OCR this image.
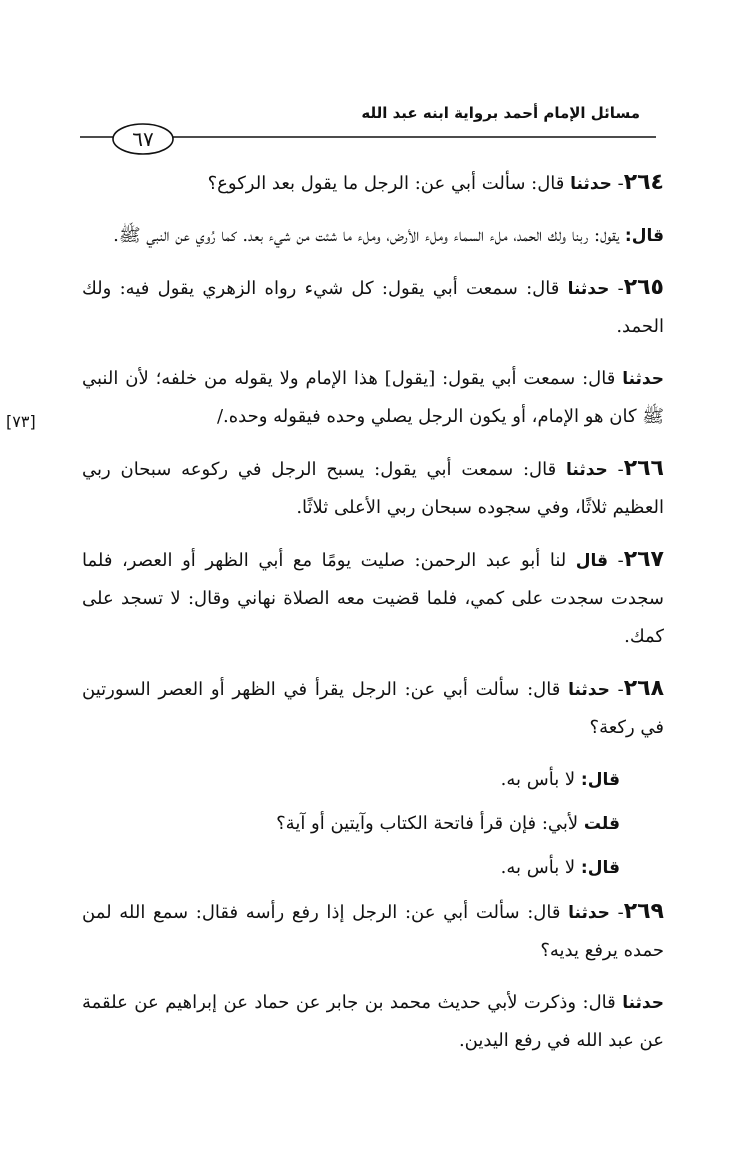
مسائل الإمام أحمد برواية ابنه عبد الله
٦٧
[٧٣]

٢٦٤- حدثنا قال: سألت أبي عن: الرجل ما يقول بعد الركوع؟

قال: يقول: ربنا ولك الحمد، ملء السماء وملء الأرض، وملء ما شئت من شيء بعد. كما رُوي عن النبي ﷺ.

٢٦٥- حدثنا قال: سمعت أبي يقول: كل شيء رواه الزهري يقول فيه: ولك الحمد.

حدثنا قال: سمعت أبي يقول: [يقول] هذا الإمام ولا يقوله من خلفه؛ لأن النبي ﷺ كان هو الإمام، أو يكون الرجل يصلي وحده فيقوله وحده./

٢٦٦- حدثنا قال: سمعت أبي يقول: يسبح الرجل في ركوعه سبحان ربي العظيم ثلاثًا، وفي سجوده سبحان ربي الأعلى ثلاثًا.

٢٦٧- قال لنا أبو عبد الرحمن: صليت يومًا مع أبي الظهر أو العصر، فلما سجدت سجدت على كمي، فلما قضيت معه الصلاة نهاني وقال: لا تسجد على كمك.

٢٦٨- حدثنا قال: سألت أبي عن: الرجل يقرأ في الظهر أو العصر السورتين في ركعة؟

قال: لا بأس به.

قلت لأبي: فإن قرأ فاتحة الكتاب وآيتين أو آية؟

قال: لا بأس به.

٢٦٩- حدثنا قال: سألت أبي عن: الرجل إذا رفع رأسه فقال: سمع الله لمن حمده يرفع يديه؟

حدثنا قال: وذكرت لأبي حديث محمد بن جابر عن حماد عن إبراهيم عن علقمة عن عبد الله في رفع اليدين.
